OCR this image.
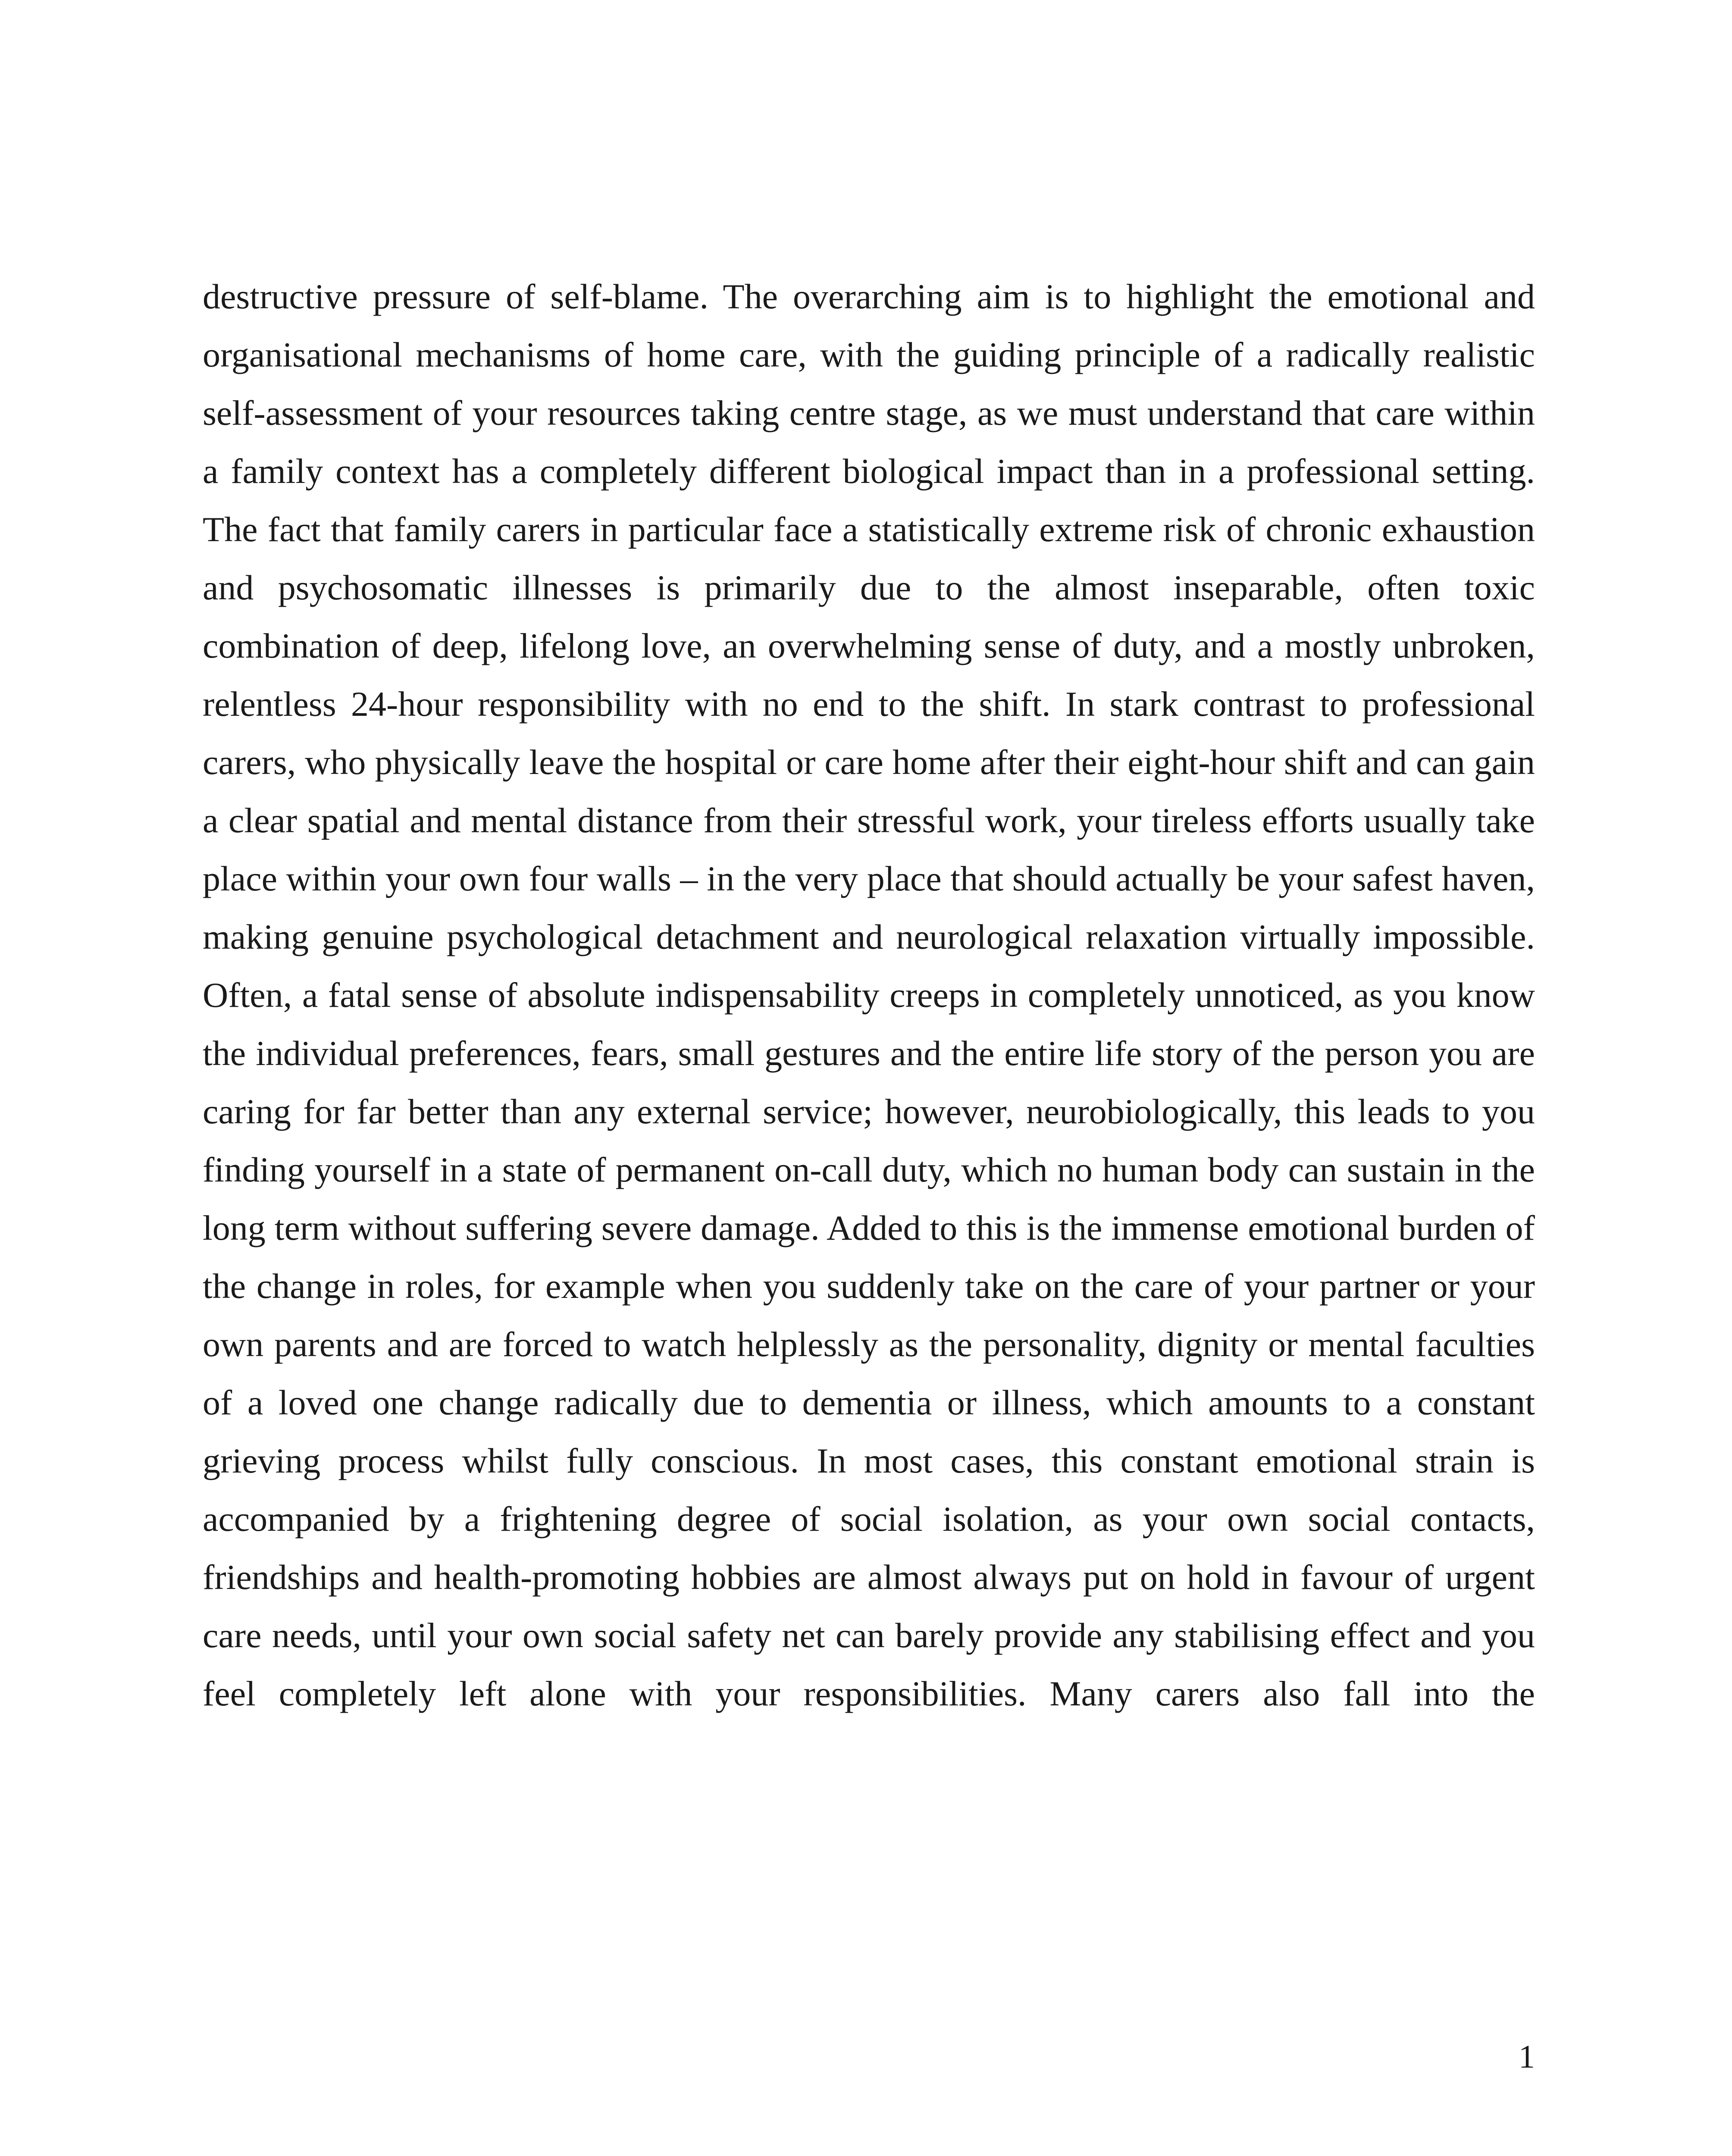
destructive pressure of self-blame. The overarching aim is to highlight the emotional and organisational mechanisms of home care, with the guiding principle of a radically realistic self-assessment of your resources taking centre stage, as we must understand that care within a family context has a completely different biological impact than in a professional setting. The fact that family carers in particular face a statistically extreme risk of chronic exhaustion and psychosomatic illnesses is primarily due to the almost inseparable, often toxic combination of deep, lifelong love, an overwhelming sense of duty, and a mostly unbroken, relentless 24-hour responsibility with no end to the shift. In stark contrast to professional carers, who physically leave the hospital or care home after their eight-hour shift and can gain a clear spatial and mental distance from their stressful work, your tireless efforts usually take place within your own four walls – in the very place that should actually be your safest haven, making genuine psychological detachment and neurological relaxation virtually impossible. Often, a fatal sense of absolute indispensability creeps in completely unnoticed, as you know the individual preferences, fears, small gestures and the entire life story of the person you are caring for far better than any external service; however, neurobiologically, this leads to you finding yourself in a state of permanent on-call duty, which no human body can sustain in the long term without suffering severe damage. Added to this is the immense emotional burden of the change in roles, for example when you suddenly take on the care of your partner or your own parents and are forced to watch helplessly as the personality, dignity or mental faculties of a loved one change radically due to dementia or illness, which amounts to a constant grieving process whilst fully conscious. In most cases, this constant emotional strain is accompanied by a frightening degree of social isolation, as your own social contacts, friendships and health-promoting hobbies are almost always put on hold in favour of urgent care needs, until your own social safety net can barely provide any stabilising effect and you feel completely left alone with your responsibilities. Many carers also fall into the

1
